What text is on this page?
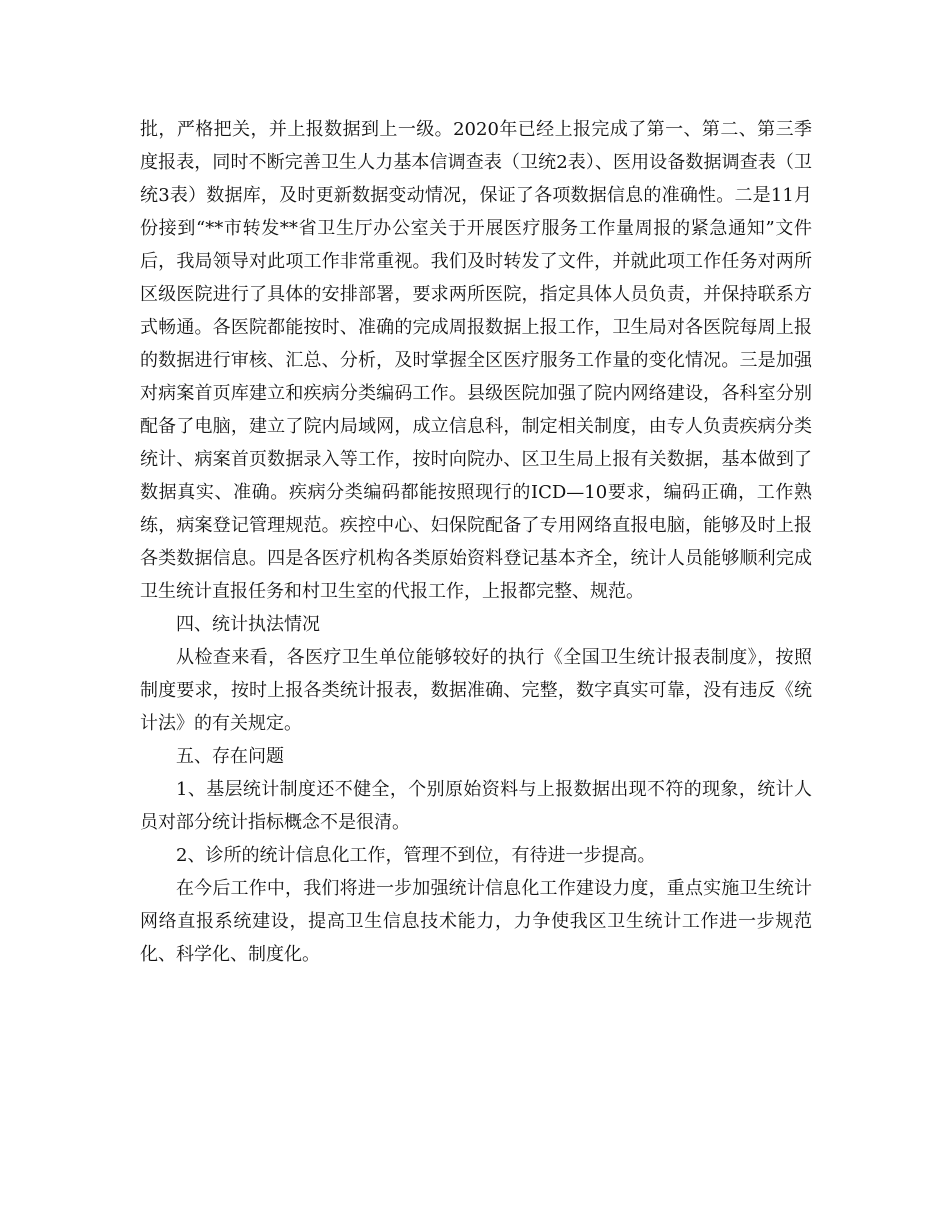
批，严格把关，并上报数据到上一级。2020年已经上报完成了第一、第二、第三季度报表，同时不断完善卫生人力基本信调查表（卫统2表）、医用设备数据调查表（卫统3表）数据库，及时更新数据变动情况，保证了各项数据信息的准确性。二是11月份接到“**市转发**省卫生厅办公室关于开展医疗服务工作量周报的紧急通知”文件后，我局领导对此项工作非常重视。我们及时转发了文件，并就此项工作任务对两所区级医院进行了具体的安排部署，要求两所医院，指定具体人员负责，并保持联系方式畅通。各医院都能按时、准确的完成周报数据上报工作，卫生局对各医院每周上报的数据进行审核、汇总、分析，及时掌握全区医疗服务工作量的变化情况。三是加强对病案首页库建立和疾病分类编码工作。县级医院加强了院内网络建设，各科室分别配备了电脑，建立了院内局域网，成立信息科，制定相关制度，由专人负责疾病分类统计、病案首页数据录入等工作，按时向院办、区卫生局上报有关数据，基本做到了数据真实、准确。疾病分类编码都能按照现行的ICD—10要求，编码正确，工作熟练，病案登记管理规范。疾控中心、妇保院配备了专用网络直报电脑，能够及时上报各类数据信息。四是各医疗机构各类原始资料登记基本齐全，统计人员能够顺利完成卫生统计直报任务和村卫生室的代报工作，上报都完整、规范。

四、统计执法情况

从检查来看，各医疗卫生单位能够较好的执行《全国卫生统计报表制度》，按照制度要求，按时上报各类统计报表，数据准确、完整，数字真实可靠，没有违反《统计法》的有关规定。

五、存在问题

1、基层统计制度还不健全，个别原始资料与上报数据出现不符的现象，统计人员对部分统计指标概念不是很清。

2、诊所的统计信息化工作，管理不到位，有待进一步提高。

在今后工作中，我们将进一步加强统计信息化工作建设力度，重点实施卫生统计网络直报系统建设，提高卫生信息技术能力，力争使我区卫生统计工作进一步规范化、科学化、制度化。
